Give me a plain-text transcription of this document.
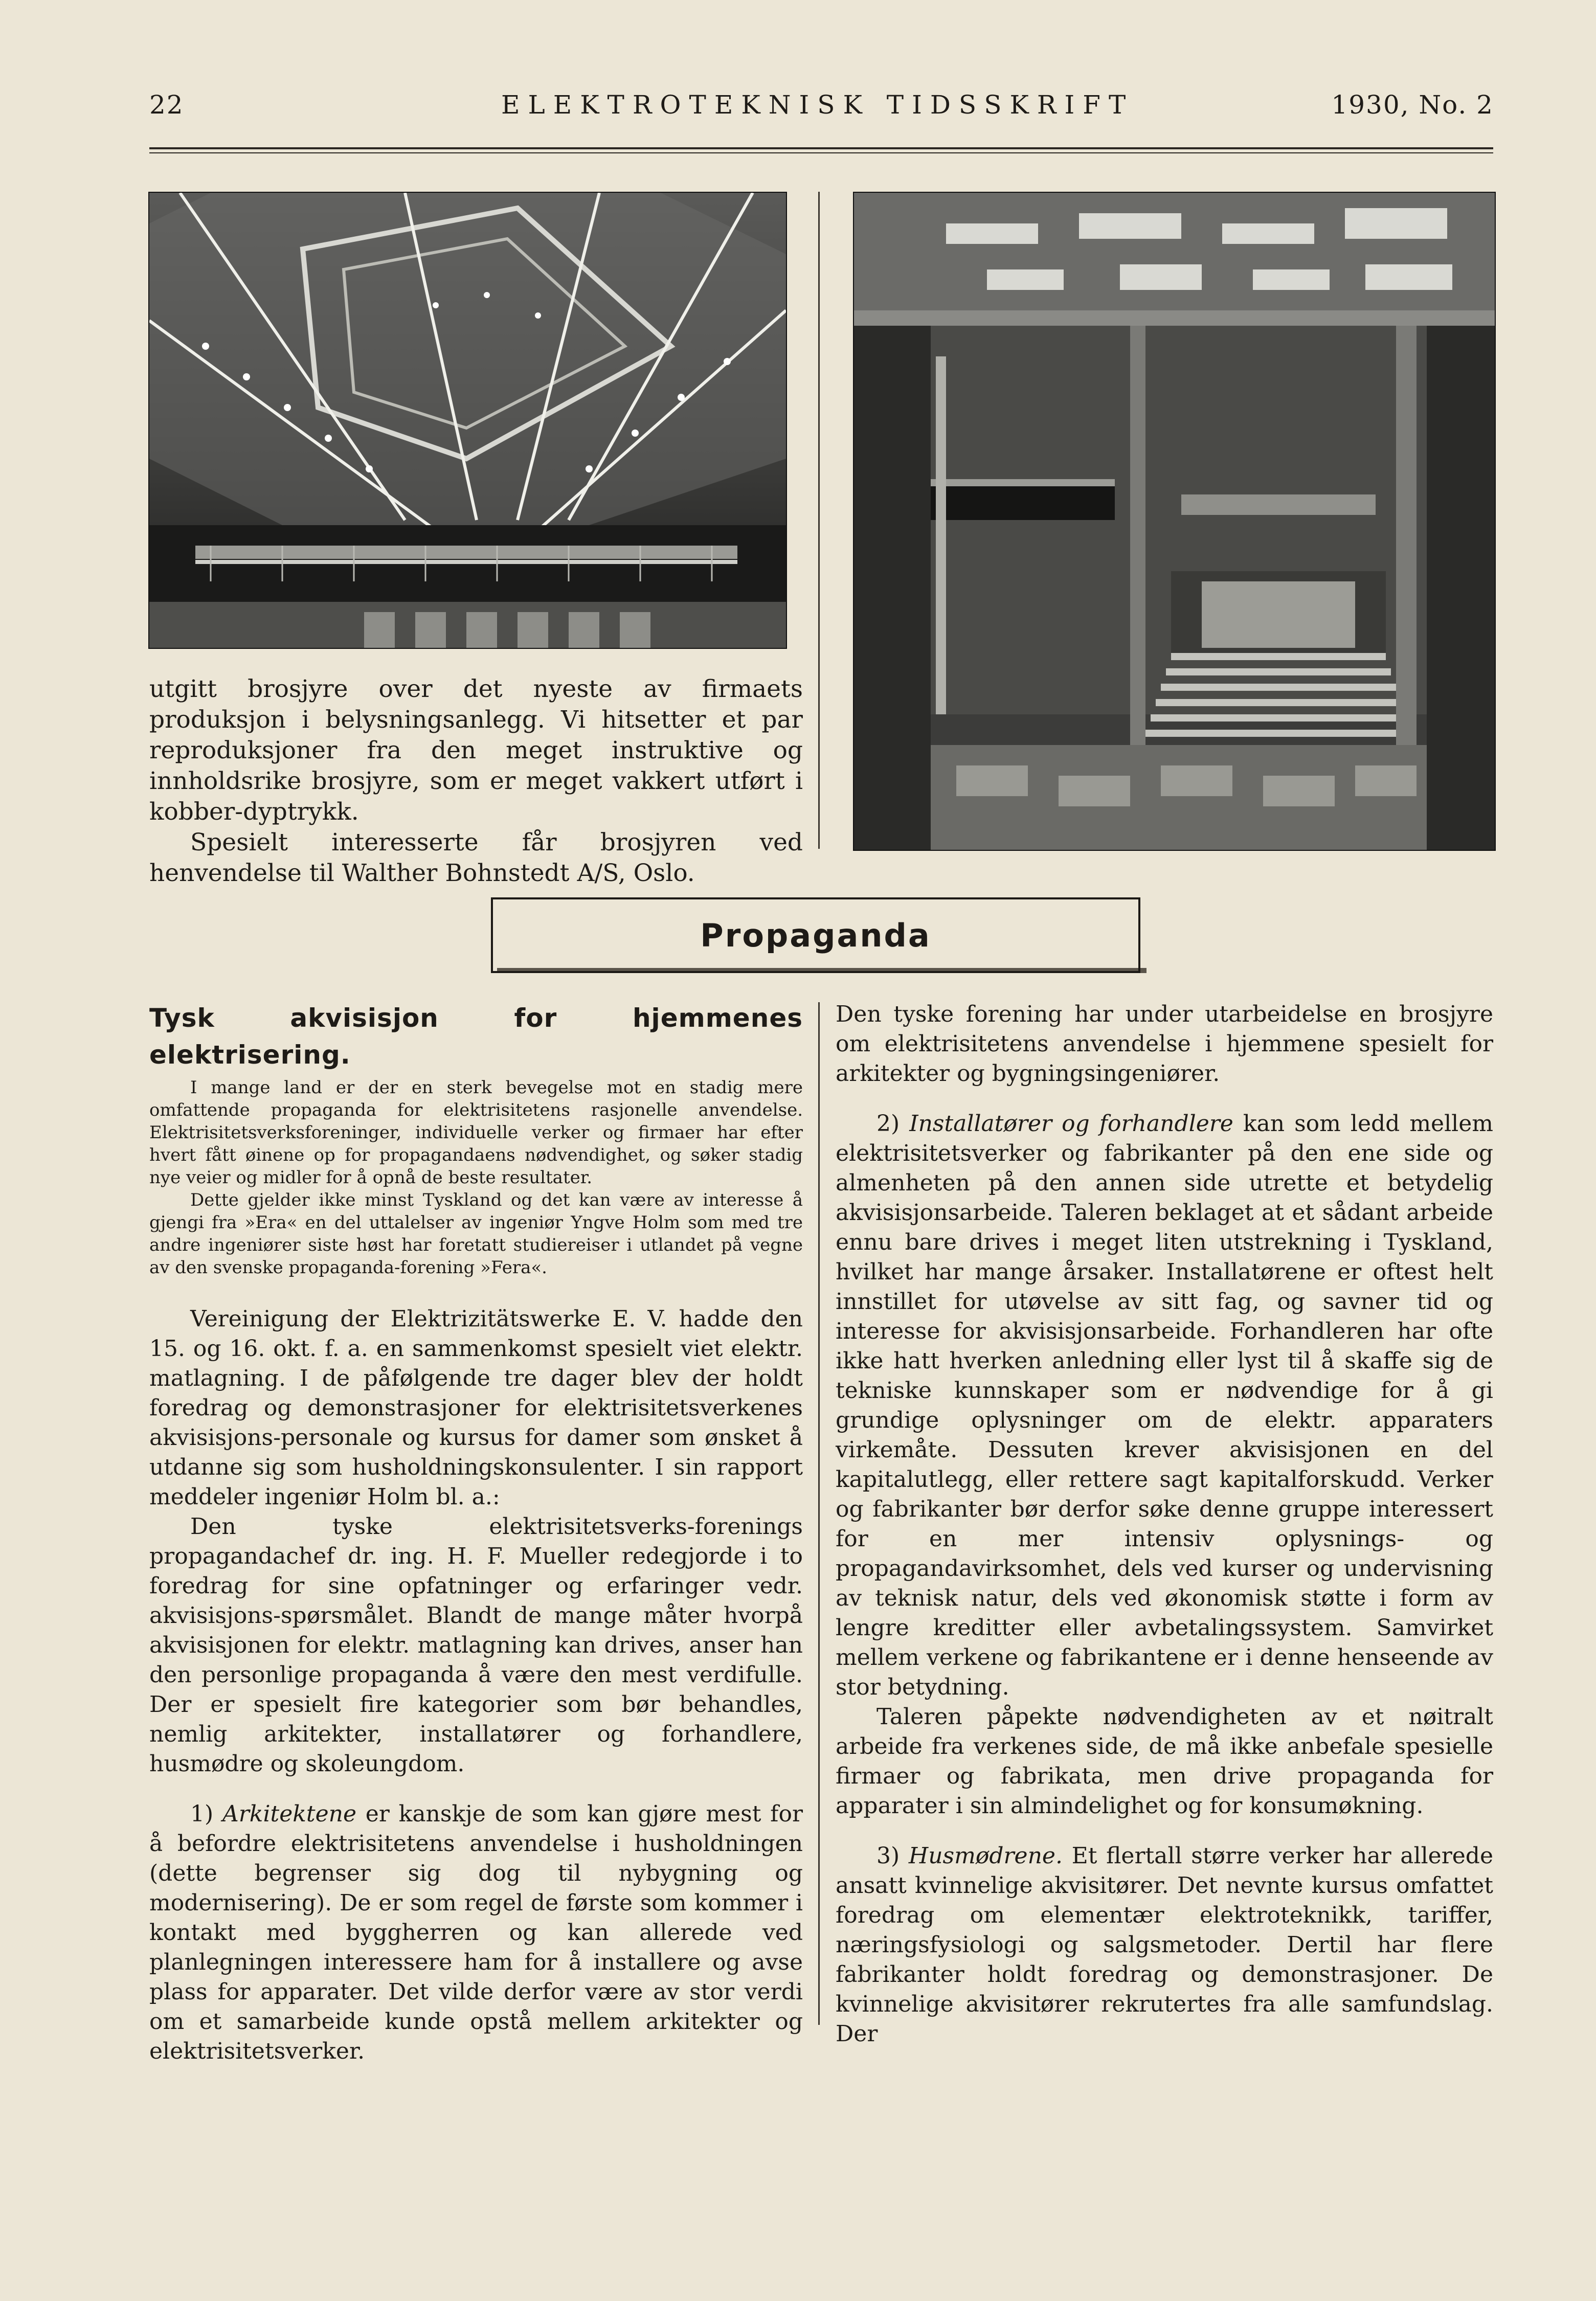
22	ELEKTROTEKNISK TIDSSKRIFT	1930, No. 2

utgitt brosjyre over det nyeste av firmaets produksjon i belysningsanlegg. Vi hitsetter et par reproduksjoner fra den meget instruktive og innholdsrike brosjyre, som er meget vakkert utført i kobber-dyptrykk.

Spesielt interesserte får brosjyren ved henvendelse til Walther Bohnstedt A/S, Oslo.

Propaganda
Tysk akvisisjon for hjemmenes elektrisering.

I mange land er der en sterk bevegelse mot en stadig mere omfattende propaganda for elektrisitetens rasjonelle anvendelse. Elektrisitetsverksforeninger, individuelle verker og firmaer har efter hvert fått øinene op for propagandaens nødvendighet, og søker stadig nye veier og midler for å opnå de beste resultater.

Dette gjelder ikke minst Tyskland og det kan være av interesse å gjengi fra »Era« en del uttalelser av ingeniør Yngve Holm som med tre andre ingeniører siste høst har foretatt studiereiser i utlandet på vegne av den svenske propaganda-forening »Fera«.

Vereinigung der Elektrizitätswerke E. V. hadde den 15. og 16. okt. f. a. en sammenkomst spesielt viet elektr. matlagning. I de påfølgende tre dager blev der holdt foredrag og demonstrasjoner for elektrisitetsverkenes akvisisjons-personale og kursus for damer som ønsket å utdanne sig som husholdningskonsulenter. I sin rapport meddeler ingeniør Holm bl. a.:

Den tyske elektrisitetsverks-forenings propagandachef dr. ing. H. F. Mueller redegjorde i to foredrag for sine opfatninger og erfaringer vedr. akvisisjons-spørsmålet. Blandt de mange måter hvorpå akvisisjonen for elektr. matlagning kan drives, anser han den personlige propaganda å være den mest verdifulle. Der er spesielt fire kategorier som bør behandles, nemlig arkitekter, installatører og forhandlere, husmødre og skoleungdom.

1) Arkitektene er kanskje de som kan gjøre mest for å befordre elektrisitetens anvendelse i husholdningen (dette begrenser sig dog til nybygning og modernisering). De er som regel de første som kommer i kontakt med byggherren og kan allerede ved planlegningen interessere ham for å installere og avse plass for apparater. Det vilde derfor være av stor verdi om et samarbeide kunde opstå mellem arkitekter og elektrisitetsverker.

Den tyske forening har under utarbeidelse en brosjyre om elektrisitetens anvendelse i hjemmene spesielt for arkitekter og bygningsingeniører.

2) Installatører og forhandlere kan som ledd mellem elektrisitetsverker og fabrikanter på den ene side og almenheten på den annen side utrette et betydelig akvisisjonsarbeide. Taleren beklaget at et sådant arbeide ennu bare drives i meget liten utstrekning i Tyskland, hvilket har mange årsaker. Installatørene er oftest helt innstillet for utøvelse av sitt fag, og savner tid og interesse for akvisisjonsarbeide. Forhandleren har ofte ikke hatt hverken anledning eller lyst til å skaffe sig de tekniske kunnskaper som er nødvendige for å gi grundige oplysninger om de elektr. apparaters virkemåte. Dessuten krever akvisisjonen en del kapitalutlegg, eller rettere sagt kapitalforskudd. Verker og fabrikanter bør derfor søke denne gruppe interessert for en mer intensiv oplysnings- og propagandavirksomhet, dels ved kurser og undervisning av teknisk natur, dels ved økonomisk støtte i form av lengre kreditter eller avbetalingssystem. Samvirket mellem verkene og fabrikantene er i denne henseende av stor betydning.

Taleren påpekte nødvendigheten av et nøitralt arbeide fra verkenes side, de må ikke anbefale spesielle firmaer og fabrikata, men drive propaganda for apparater i sin almindelighet og for konsumøkning.

3) Husmødrene. Et flertall større verker har allerede ansatt kvinnelige akvisitører. Det nevnte kursus omfattet foredrag om elementær elektroteknikk, tariffer, næringsfysiologi og salgsmetoder. Dertil har flere fabrikanter holdt foredrag og demonstrasjoner. De kvinnelige akvisitører rekrutertes fra alle samfundslag. Der
